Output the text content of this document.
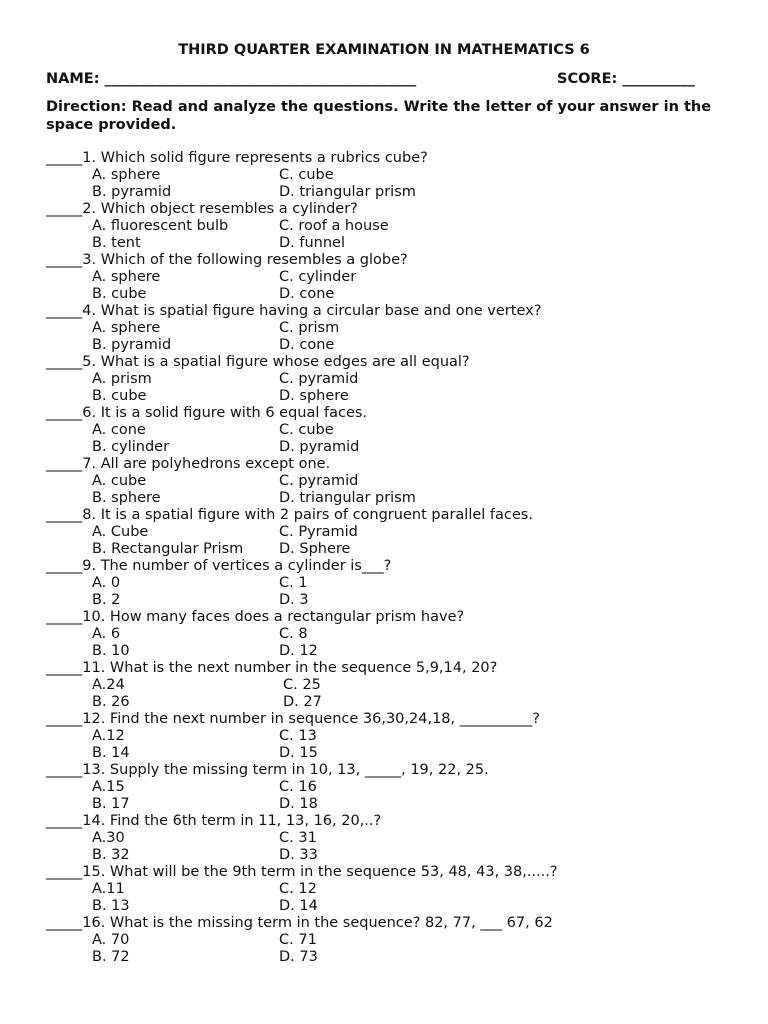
THIRD QUARTER EXAMINATION IN MATHEMATICS 6
NAME: ___________________________________________	SCORE: __________
Direction: Read and analyze the questions. Write the letter of your answer in the space provided.
_____1. Which solid figure represents a rubrics cube?
A. sphere	C. cube
B. pyramid	D. triangular prism
_____2. Which object resembles a cylinder?
A. fluorescent bulb	C. roof a house
B. tent	D. funnel
_____3. Which of the following resembles a globe?
A. sphere	C. cylinder
B. cube	D. cone
_____4. What is spatial figure having a circular base and one vertex?
A. sphere	C. prism
B. pyramid	D. cone
_____5. What is a spatial figure whose edges are all equal?
A. prism	C. pyramid
B. cube	D. sphere
_____6. It is a solid figure with 6 equal faces.
A. cone	C. cube
B. cylinder	D. pyramid
_____7. All are polyhedrons except one.
A. cube	C. pyramid
B. sphere	D. triangular prism
_____8. It is a spatial figure with 2 pairs of congruent parallel faces.
A. Cube	C. Pyramid
B. Rectangular Prism D. Sphere
_____9. The number of vertices a cylinder is___?
A. 0	C. 1
B. 2	D. 3
_____10. How many faces does a rectangular prism have?
A. 6	C. 8
B. 10	D. 12
_____11. What is the next number in the sequence 5,9,14, 20?
A.24	C. 25
B. 26	D. 27
_____12. Find the next number in sequence 36,30,24,18, __________?
A.12	C. 13
B. 14	D. 15
_____13. Supply the missing term in 10, 13, _____, 19, 22, 25.
A.15	C. 16
B. 17	D. 18
_____14. Find the 6th term in 11, 13, 16, 20,..?
A.30	C. 31
B. 32	D. 33
_____15. What will be the 9th term in the sequence 53, 48, 43, 38,.....?
A.11	C. 12
B. 13	D. 14
_____16. What is the missing term in the sequence? 82, 77, ___ 67, 62
A. 70	C. 71
B. 72	D. 73
